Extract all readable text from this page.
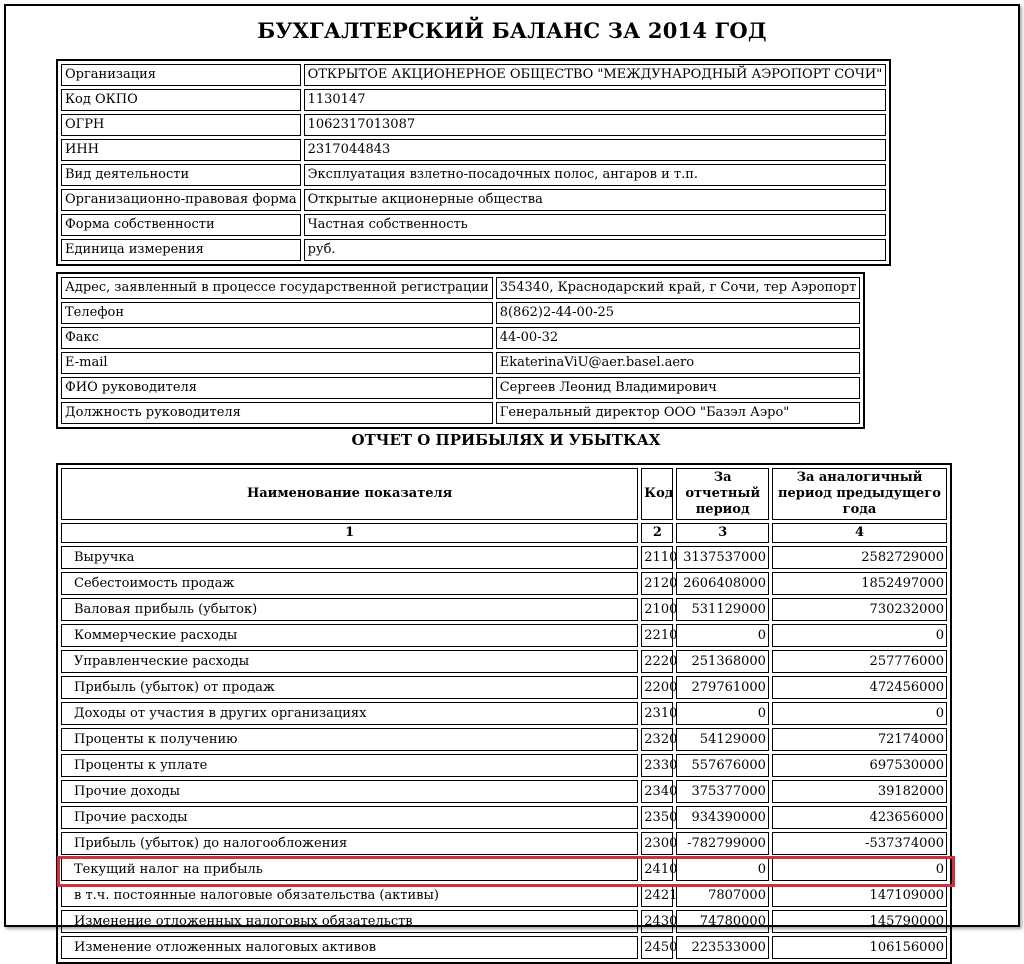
БУХГАЛТЕРСКИЙ БАЛАНС ЗА 2014 ГОД
Организация	ОТКРЫТОЕ АКЦИОНЕРНОЕ ОБЩЕСТВО "МЕЖДУНАРОДНЫЙ АЭРОПОРТ СОЧИ"
Код ОКПО	1130147
ОГРН	1062317013087
ИНН	2317044843
Вид деятельности	Эксплуатация взлетно-посадочных полос, ангаров и т.п.
Организационно-правовая форма	Открытые акционерные общества
Форма собственности	Частная собственность
Единица измерения	руб.
Адрес, заявленный в процессе государственной регистрации	354340, Краснодарский край, г Сочи, тер Аэропорт
Телефон	8(862)2-44-00-25
Факс	44-00-32
E-mail	EkaterinaViU@aer.basel.aero
ФИО руководителя	Сергеев Леонид Владимирович
Должность руководителя	Генеральный директор ООО "Базэл Аэро"
ОТЧЕТ О ПРИБЫЛЯХ И УБЫТКАХ
Наименование показателя	Код	За отчетный период	За аналогичный период предыдущего года
1	2	3	4
Выручка	2110	3137537000	2582729000
Себестоимость продаж	2120	2606408000	1852497000
Валовая прибыль (убыток)	2100	531129000	730232000
Коммерческие расходы	2210	0	0
Управленческие расходы	2220	251368000	257776000
Прибыль (убыток) от продаж	2200	279761000	472456000
Доходы от участия в других организациях	2310	0	0
Проценты к получению	2320	54129000	72174000
Проценты к уплате	2330	557676000	697530000
Прочие доходы	2340	375377000	39182000
Прочие расходы	2350	934390000	423656000
Прибыль (убыток) до налогообложения	2300	-782799000	-537374000
Текущий налог на прибыль	2410	0	0
в т.ч. постоянные налоговые обязательства (активы)	2421	7807000	147109000
Изменение отложенных налоговых обязательств	2430	74780000	145790000
Изменение отложенных налоговых активов	2450	223533000	106156000
